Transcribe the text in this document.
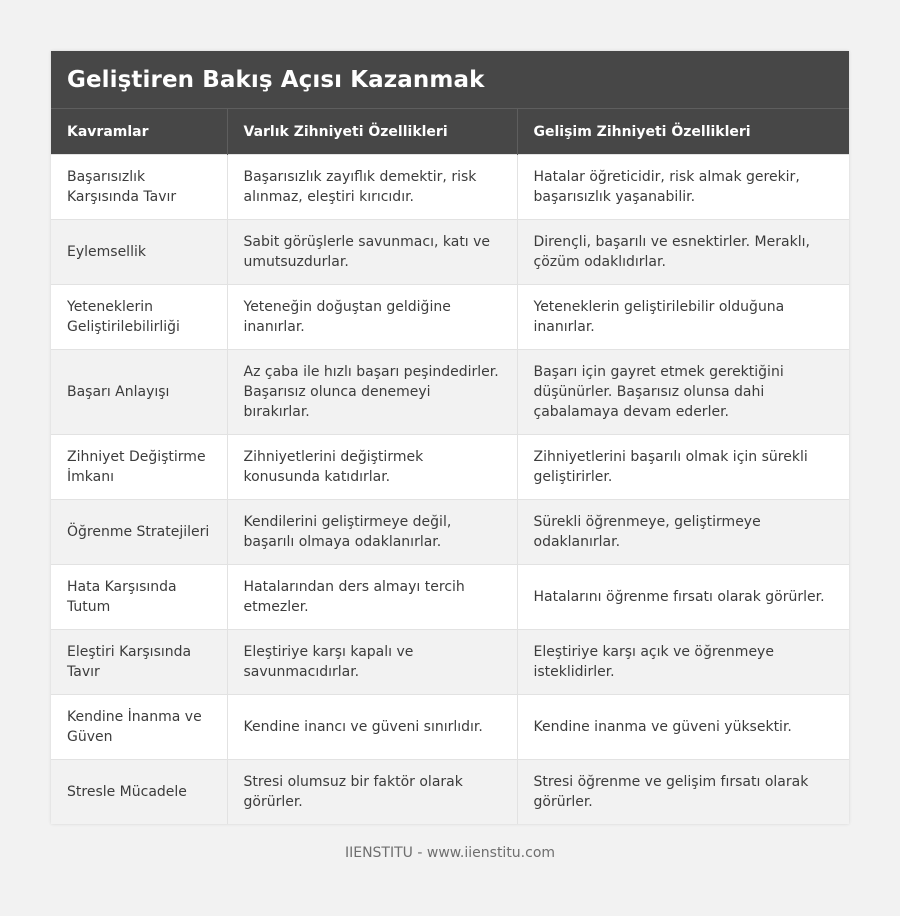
Geliştiren Bakış Açısı Kazanmak
Kavramlar	Varlık Zihniyeti Özellikleri	Gelişim Zihniyeti Özellikleri
Başarısızlık Karşısında Tavır	Başarısızlık zayıflık demektir, risk alınmaz, eleştiri kırıcıdır.	Hatalar öğreticidir, risk almak gerekir, başarısızlık yaşanabilir.
Eylemsellik	Sabit görüşlerle savunmacı, katı ve umutsuzdurlar.	Dirençli, başarılı ve esnektirler. Meraklı, çözüm odaklıdırlar.
Yeteneklerin Geliştirilebilirliği	Yeteneğin doğuştan geldiğine inanırlar.	Yeteneklerin geliştirilebilir olduğuna inanırlar.
Başarı Anlayışı	Az çaba ile hızlı başarı peşindedirler. Başarısız olunca denemeyi bırakırlar.	Başarı için gayret etmek gerektiğini düşünürler. Başarısız olunsa dahi çabalamaya devam ederler.
Zihniyet Değiştirme İmkanı	Zihniyetlerini değiştirmek konusunda katıdırlar.	Zihniyetlerini başarılı olmak için sürekli geliştirirler.
Öğrenme Stratejileri	Kendilerini geliştirmeye değil, başarılı olmaya odaklanırlar.	Sürekli öğrenmeye, geliştirmeye odaklanırlar.
Hata Karşısında Tutum	Hatalarından ders almayı tercih etmezler.	Hatalarını öğrenme fırsatı olarak görürler.
Eleştiri Karşısında Tavır	Eleştiriye karşı kapalı ve savunmacıdırlar.	Eleştiriye karşı açık ve öğrenmeye isteklidirler.
Kendine İnanma ve Güven	Kendine inancı ve güveni sınırlıdır.	Kendine inanma ve güveni yüksektir.
Stresle Mücadele	Stresi olumsuz bir faktör olarak görürler.	Stresi öğrenme ve gelişim fırsatı olarak görürler.
IIENSTITU - www.iienstitu.com
